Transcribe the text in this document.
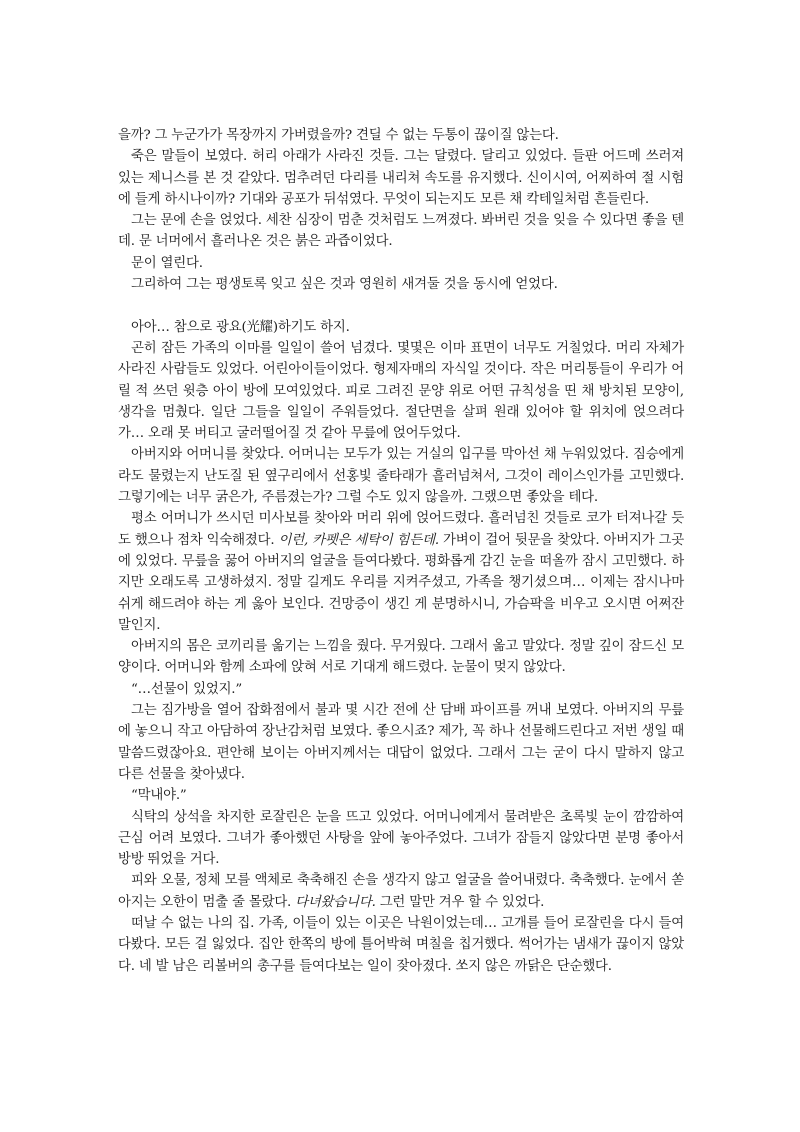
을까? 그 누군가가 목장까지 가버렸을까? 견딜 수 없는 두통이 끊이질 않는다.

죽은 말들이 보였다. 허리 아래가 사라진 것들. 그는 달렸다. 달리고 있었다. 들판 어드메 쓰러져 있는 제니스를 본 것 같았다. 멈추려던 다리를 내리쳐 속도를 유지했다. 신이시여, 어찌하여 절 시험에 들게 하시나이까? 기대와 공포가 뒤섞였다. 무엇이 되는지도 모른 채 칵테일처럼 흔들린다.

그는 문에 손을 얹었다. 세찬 심장이 멈춘 것처럼도 느껴졌다. 봐버린 것을 잊을 수 있다면 좋을 텐데. 문 너머에서 흘러나온 것은 붉은 과즙이었다.

문이 열린다.

그리하여 그는 평생토록 잊고 싶은 것과 영원히 새겨둘 것을 동시에 얻었다.

아아… 참으로 광요(光耀)하기도 하지.

곤히 잠든 가족의 이마를 일일이 쓸어 넘겼다. 몇몇은 이마 표면이 너무도 거칠었다. 머리 자체가 사라진 사람들도 있었다. 어린아이들이었다. 형제자매의 자식일 것이다. 작은 머리통들이 우리가 어릴 적 쓰던 윗층 아이 방에 모여있었다. 피로 그려진 문양 위로 어떤 규칙성을 띤 채 방치된 모양이, 생각을 멈췄다. 일단 그들을 일일이 주워들었다. 절단면을 살펴 원래 있어야 할 위치에 얹으려다가… 오래 못 버티고 굴러떨어질 것 같아 무릎에 얹어두었다.

아버지와 어머니를 찾았다. 어머니는 모두가 있는 거실의 입구를 막아선 채 누워있었다. 짐승에게라도 물렸는지 난도질 된 옆구리에서 선홍빛 줄타래가 흘러넘쳐서, 그것이 레이스인가를 고민했다. 그렇기에는 너무 굵은가, 주름졌는가? 그럴 수도 있지 않을까. 그랬으면 좋았을 테다.

평소 어머니가 쓰시던 미사보를 찾아와 머리 위에 얹어드렸다. 흘러넘친 것들로 코가 터져나갈 듯도 했으나 점차 익숙해졌다. 이런, 카펫은 세탁이 힘든데. 가벼이 걸어 뒷문을 찾았다. 아버지가 그곳에 있었다. 무릎을 꿇어 아버지의 얼굴을 들여다봤다. 평화롭게 감긴 눈을 떠올까 잠시 고민했다. 하지만 오래도록 고생하셨지. 정말 길게도 우리를 지켜주셨고, 가족을 챙기셨으며… 이제는 잠시나마 쉬게 해드려야 하는 게 옳아 보인다. 건망증이 생긴 게 분명하시니, 가슴팍을 비우고 오시면 어쩌잔 말인지.

아버지의 몸은 코끼리를 옮기는 느낌을 줬다. 무거웠다. 그래서 옮고 말았다. 정말 깊이 잠드신 모양이다. 어머니와 함께 소파에 앉혀 서로 기대게 해드렸다. 눈물이 멎지 않았다.

“…선물이 있었지.”

그는 짐가방을 열어 잡화점에서 불과 몇 시간 전에 산 담배 파이프를 꺼내 보였다. 아버지의 무릎에 놓으니 작고 아담하여 장난감처럼 보였다. 좋으시죠? 제가, 꼭 하나 선물해드린다고 저번 생일 때 말씀드렸잖아요. 편안해 보이는 아버지께서는 대답이 없었다. 그래서 그는 굳이 다시 말하지 않고 다른 선물을 찾아냈다.

“막내야.”

식탁의 상석을 차지한 로잘린은 눈을 뜨고 있었다. 어머니에게서 물려받은 초록빛 눈이 깜깜하여 근심 어려 보였다. 그녀가 좋아했던 사탕을 앞에 놓아주었다. 그녀가 잠들지 않았다면 분명 좋아서 방방 뛰었을 거다.

피와 오물, 정체 모를 액체로 축축해진 손을 생각지 않고 얼굴을 쓸어내렸다. 축축했다. 눈에서 쏟아지는 오한이 멈출 줄 몰랐다. 다녀왔습니다. 그런 말만 겨우 할 수 있었다.

떠날 수 없는 나의 집. 가족, 이들이 있는 이곳은 낙원이었는데… 고개를 들어 로잘린을 다시 들여다봤다. 모든 걸 잃었다. 집안 한쪽의 방에 틀어박혀 며칠을 칩거했다. 썩어가는 냄새가 끊이지 않았다. 네 발 남은 리볼버의 총구를 들여다보는 일이 잦아졌다. 쏘지 않은 까닭은 단순했다.
